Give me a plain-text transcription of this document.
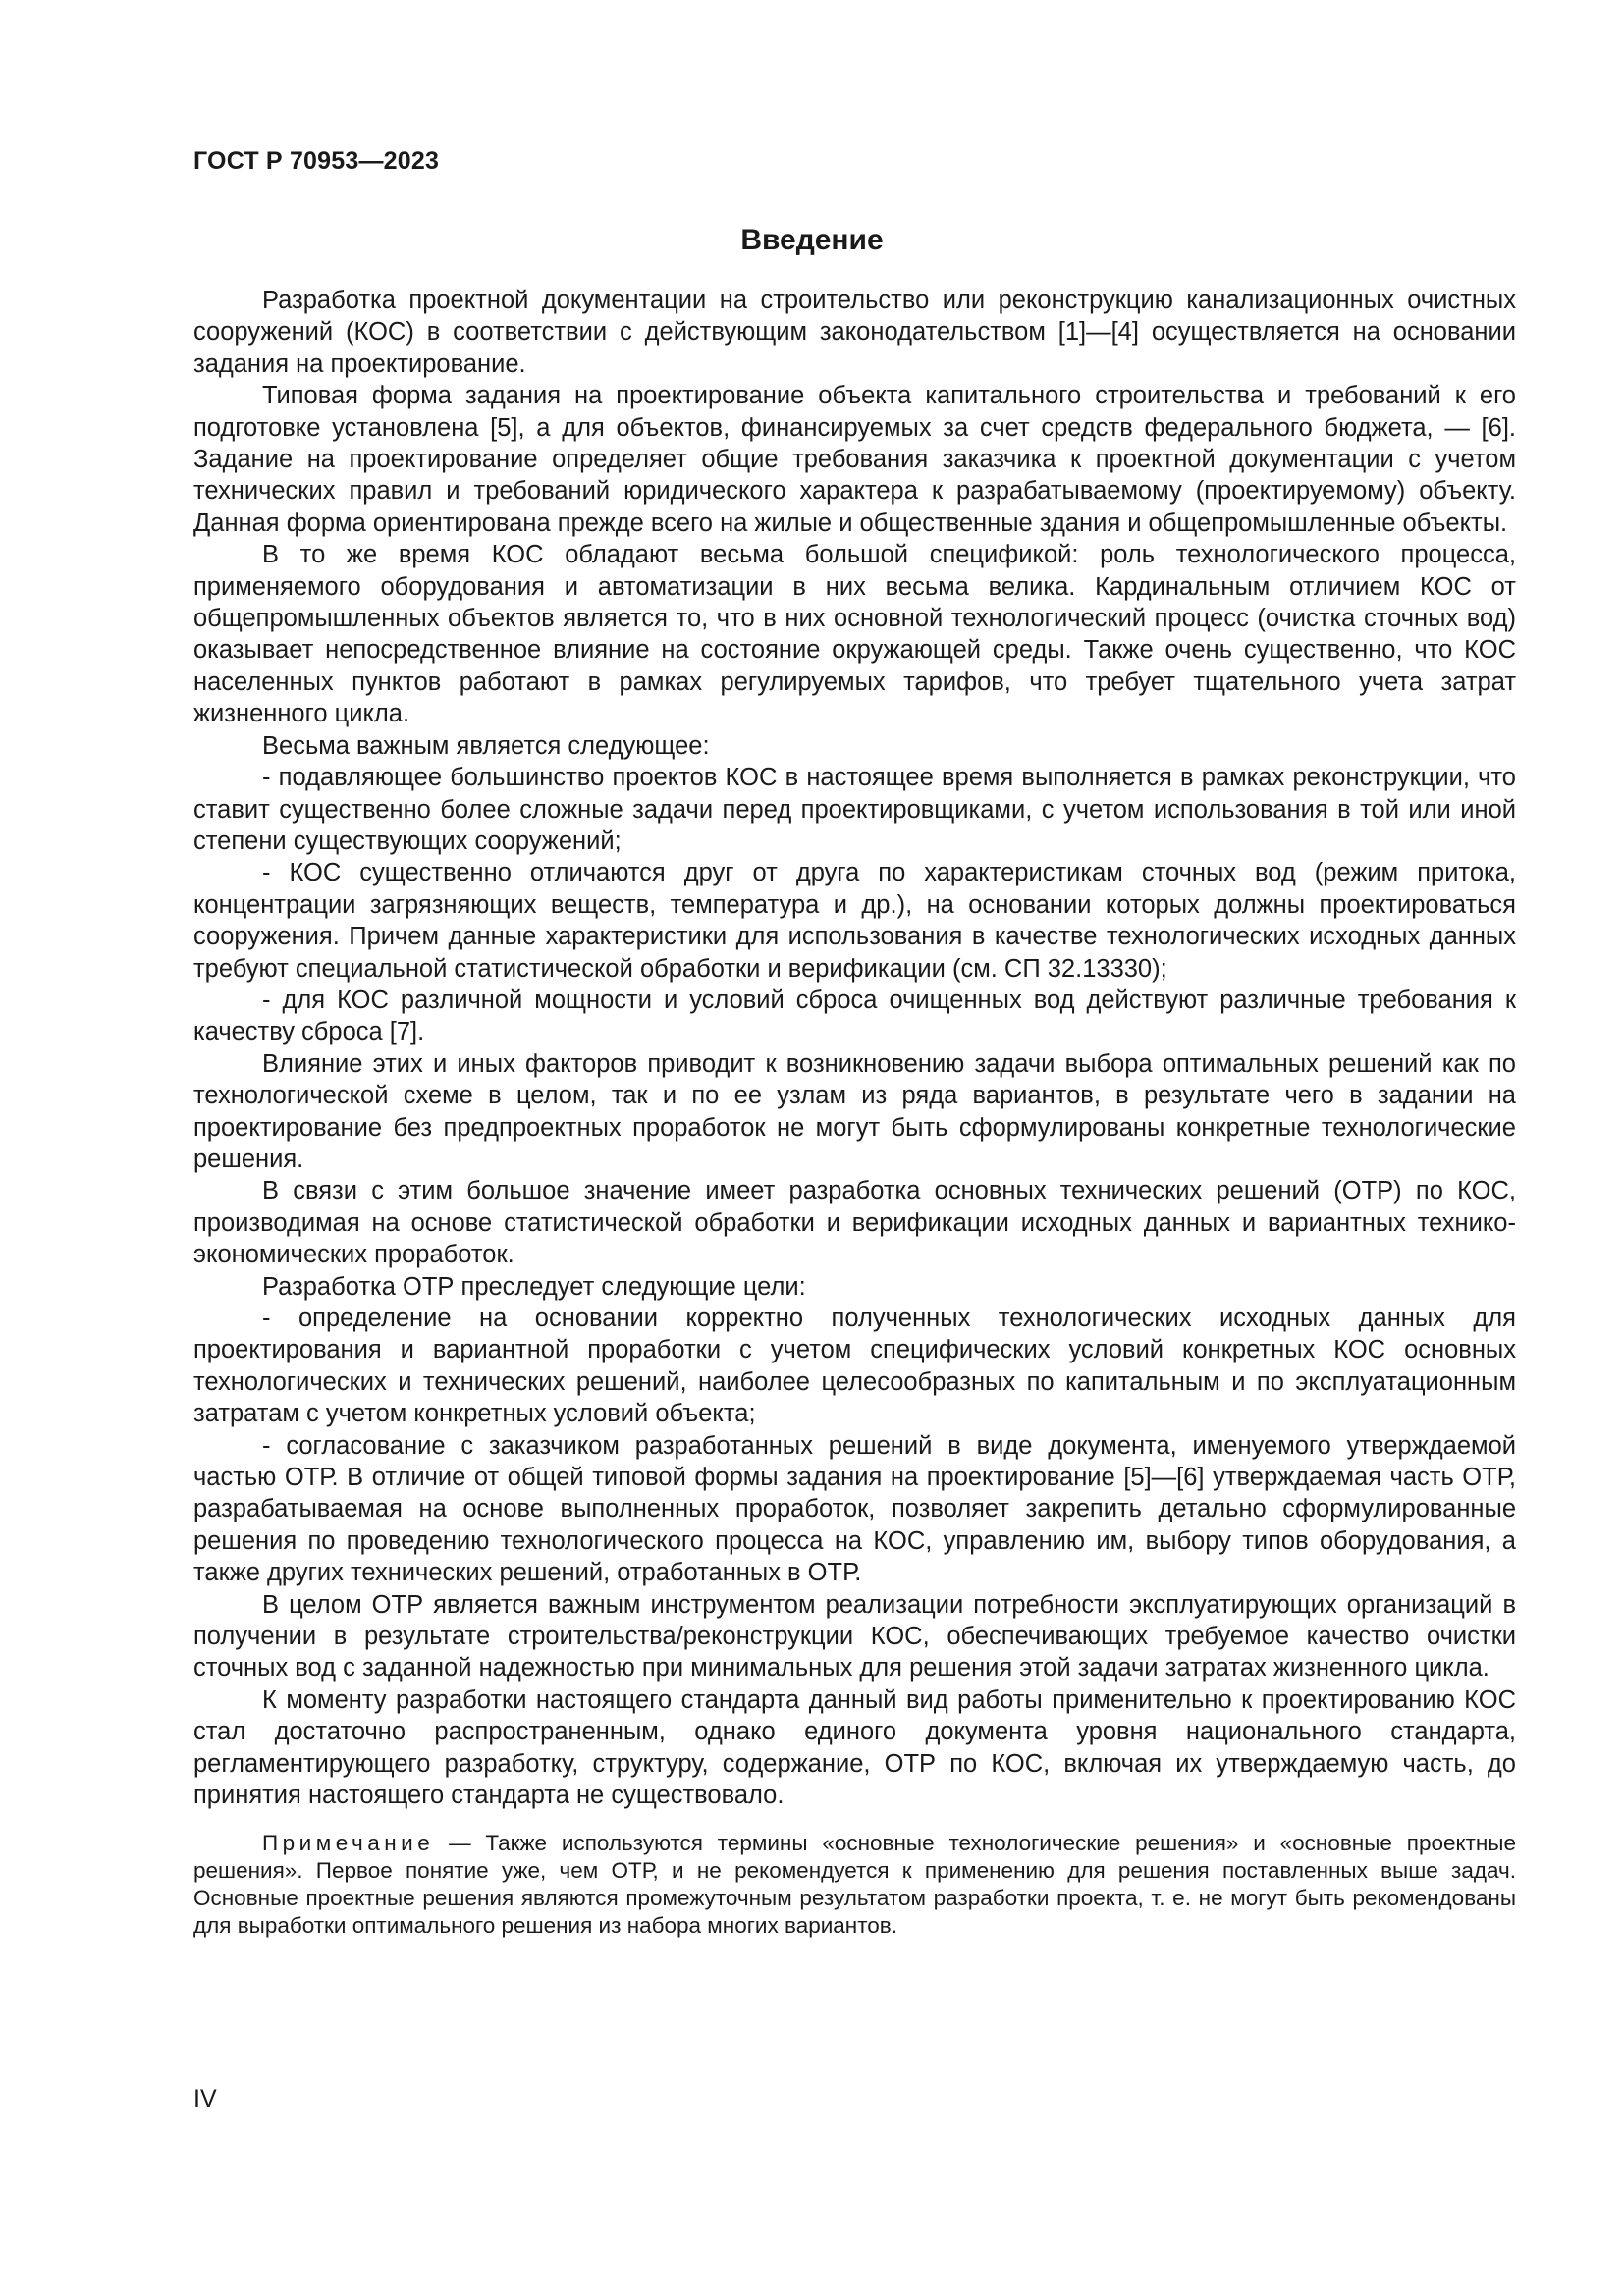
ГОСТ Р 70953—2023
Введение

Разработка проектной документации на строительство или реконструкцию канализационных очистных сооружений (КОС) в соответствии с действующим законодательством [1]—[4] осуществляется на основании задания на проектирование.

Типовая форма задания на проектирование объекта капитального строительства и требований к его подготовке установлена [5], а для объектов, финансируемых за счет средств федерального бюджета, — [6]. Задание на проектирование определяет общие требования заказчика к проектной документации с учетом технических правил и требований юридического характера к разрабатываемому (проектируемому) объекту. Данная форма ориентирована прежде всего на жилые и общественные здания и общепромышленные объекты.

В то же время КОС обладают весьма большой спецификой: роль технологического процесса, применяемого оборудования и автоматизации в них весьма велика. Кардинальным отличием КОС от общепромышленных объектов является то, что в них основной технологический процесс (очистка сточных вод) оказывает непосредственное влияние на состояние окружающей среды. Также очень существенно, что КОС населенных пунктов работают в рамках регулируемых тарифов, что требует тщательного учета затрат жизненного цикла.

Весьма важным является следующее:

- подавляющее большинство проектов КОС в настоящее время выполняется в рамках реконструкции, что ставит существенно более сложные задачи перед проектировщиками, с учетом использования в той или иной степени существующих сооружений;

- КОС существенно отличаются друг от друга по характеристикам сточных вод (режим притока, концентрации загрязняющих веществ, температура и др.), на основании которых должны проектироваться сооружения. Причем данные характеристики для использования в качестве технологических исходных данных требуют специальной статистической обработки и верификации (см. СП 32.13330);

- для КОС различной мощности и условий сброса очищенных вод действуют различные требования к качеству сброса [7].

Влияние этих и иных факторов приводит к возникновению задачи выбора оптимальных решений как по технологической схеме в целом, так и по ее узлам из ряда вариантов, в результате чего в задании на проектирование без предпроектных проработок не могут быть сформулированы конкретные технологические решения.

В связи с этим большое значение имеет разработка основных технических решений (ОТР) по КОС, производимая на основе статистической обработки и верификации исходных данных и вариантных технико-экономических проработок.

Разработка ОТР преследует следующие цели:

- определение на основании корректно полученных технологических исходных данных для проектирования и вариантной проработки с учетом специфических условий конкретных КОС основных технологических и технических решений, наиболее целесообразных по капитальным и по эксплуатационным затратам с учетом конкретных условий объекта;

- согласование с заказчиком разработанных решений в виде документа, именуемого утверждаемой частью ОТР. В отличие от общей типовой формы задания на проектирование [5]—[6] утверждаемая часть ОТР, разрабатываемая на основе выполненных проработок, позволяет закрепить детально сформулированные решения по проведению технологического процесса на КОС, управлению им, выбору типов оборудования, а также других технических решений, отработанных в ОТР.

В целом ОТР является важным инструментом реализации потребности эксплуатирующих организаций в получении в результате строительства/реконструкции КОС, обеспечивающих требуемое качество очистки сточных вод с заданной надежностью при минимальных для решения этой задачи затратах жизненного цикла.

К моменту разработки настоящего стандарта данный вид работы применительно к проектированию КОС стал достаточно распространенным, однако единого документа уровня национального стандарта, регламентирующего разработку, структуру, содержание, ОТР по КОС, включая их утверждаемую часть, до принятия настоящего стандарта не существовало.

Примечание — Также используются термины «основные технологические решения» и «основные проектные решения». Первое понятие уже, чем ОТР, и не рекомендуется к применению для решения поставленных выше задач. Основные проектные решения являются промежуточным результатом разработки проекта, т. е. не могут быть рекомендованы для выработки оптимального решения из набора многих вариантов.

IV
